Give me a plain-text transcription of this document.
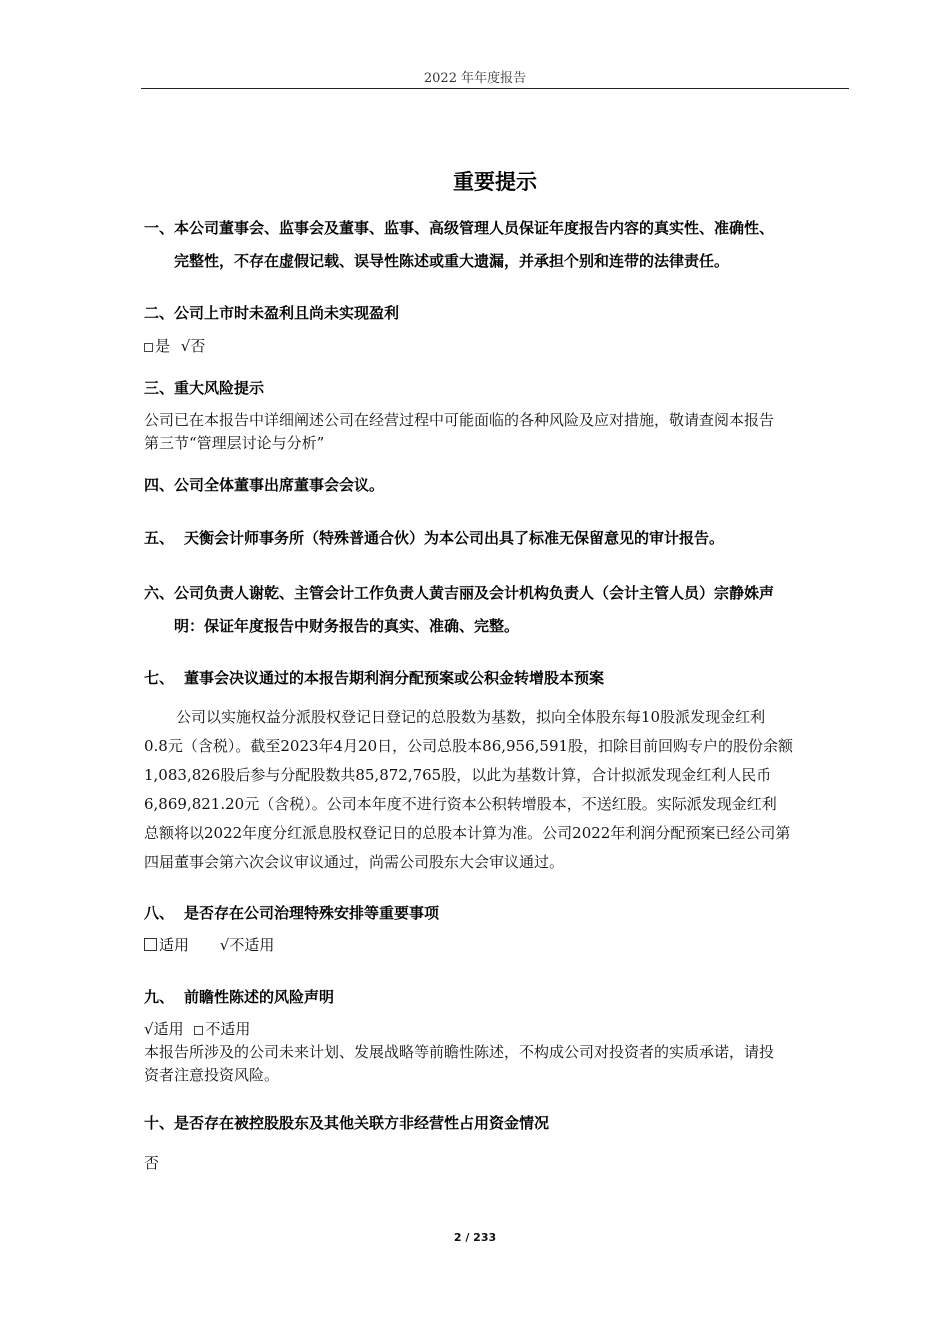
2022 年年度报告
重要提示
一、本公司董事会、监事会及董事、监事、高级管理人员保证年度报告内容的真实性、准确性、
完整性，不存在虚假记载、误导性陈述或重大遗漏，并承担个别和连带的法律责任。
二、公司上市时未盈利且尚未实现盈利
是 √否
三、重大风险提示
公司已在本报告中详细阐述公司在经营过程中可能面临的各种风险及应对措施，敬请查阅本报告
第三节“管理层讨论与分析”
四、公司全体董事出席董事会会议。
五、 天衡会计师事务所（特殊普通合伙）为本公司出具了标准无保留意见的审计报告。
六、公司负责人谢乾、主管会计工作负责人黄吉丽及会计机构负责人（会计主管人员）宗静姝声
明：保证年度报告中财务报告的真实、准确、完整。
七、 董事会决议通过的本报告期利润分配预案或公积金转增股本预案
公司以实施权益分派股权登记日登记的总股数为基数，拟向全体股东每10股派发现金红利
0.8元（含税）。截至2023年4月20日，公司总股本86,956,591股，扣除目前回购专户的股份余额
1,083,826股后参与分配股数共85,872,765股，以此为基数计算，合计拟派发现金红利人民币
6,869,821.20元（含税）。公司本年度不进行资本公积转增股本，不送红股。实际派发现金红利
总额将以2022年度分红派息股权登记日的总股本计算为准。公司2022年利润分配预案已经公司第
四届董事会第六次会议审议通过，尚需公司股东大会审议通过。
八、 是否存在公司治理特殊安排等重要事项
适用 √不适用
九、 前瞻性陈述的风险声明
√适用 不适用
本报告所涉及的公司未来计划、发展战略等前瞻性陈述，不构成公司对投资者的实质承诺，请投
资者注意投资风险。
十、是否存在被控股股东及其他关联方非经营性占用资金情况
否
2 / 233
